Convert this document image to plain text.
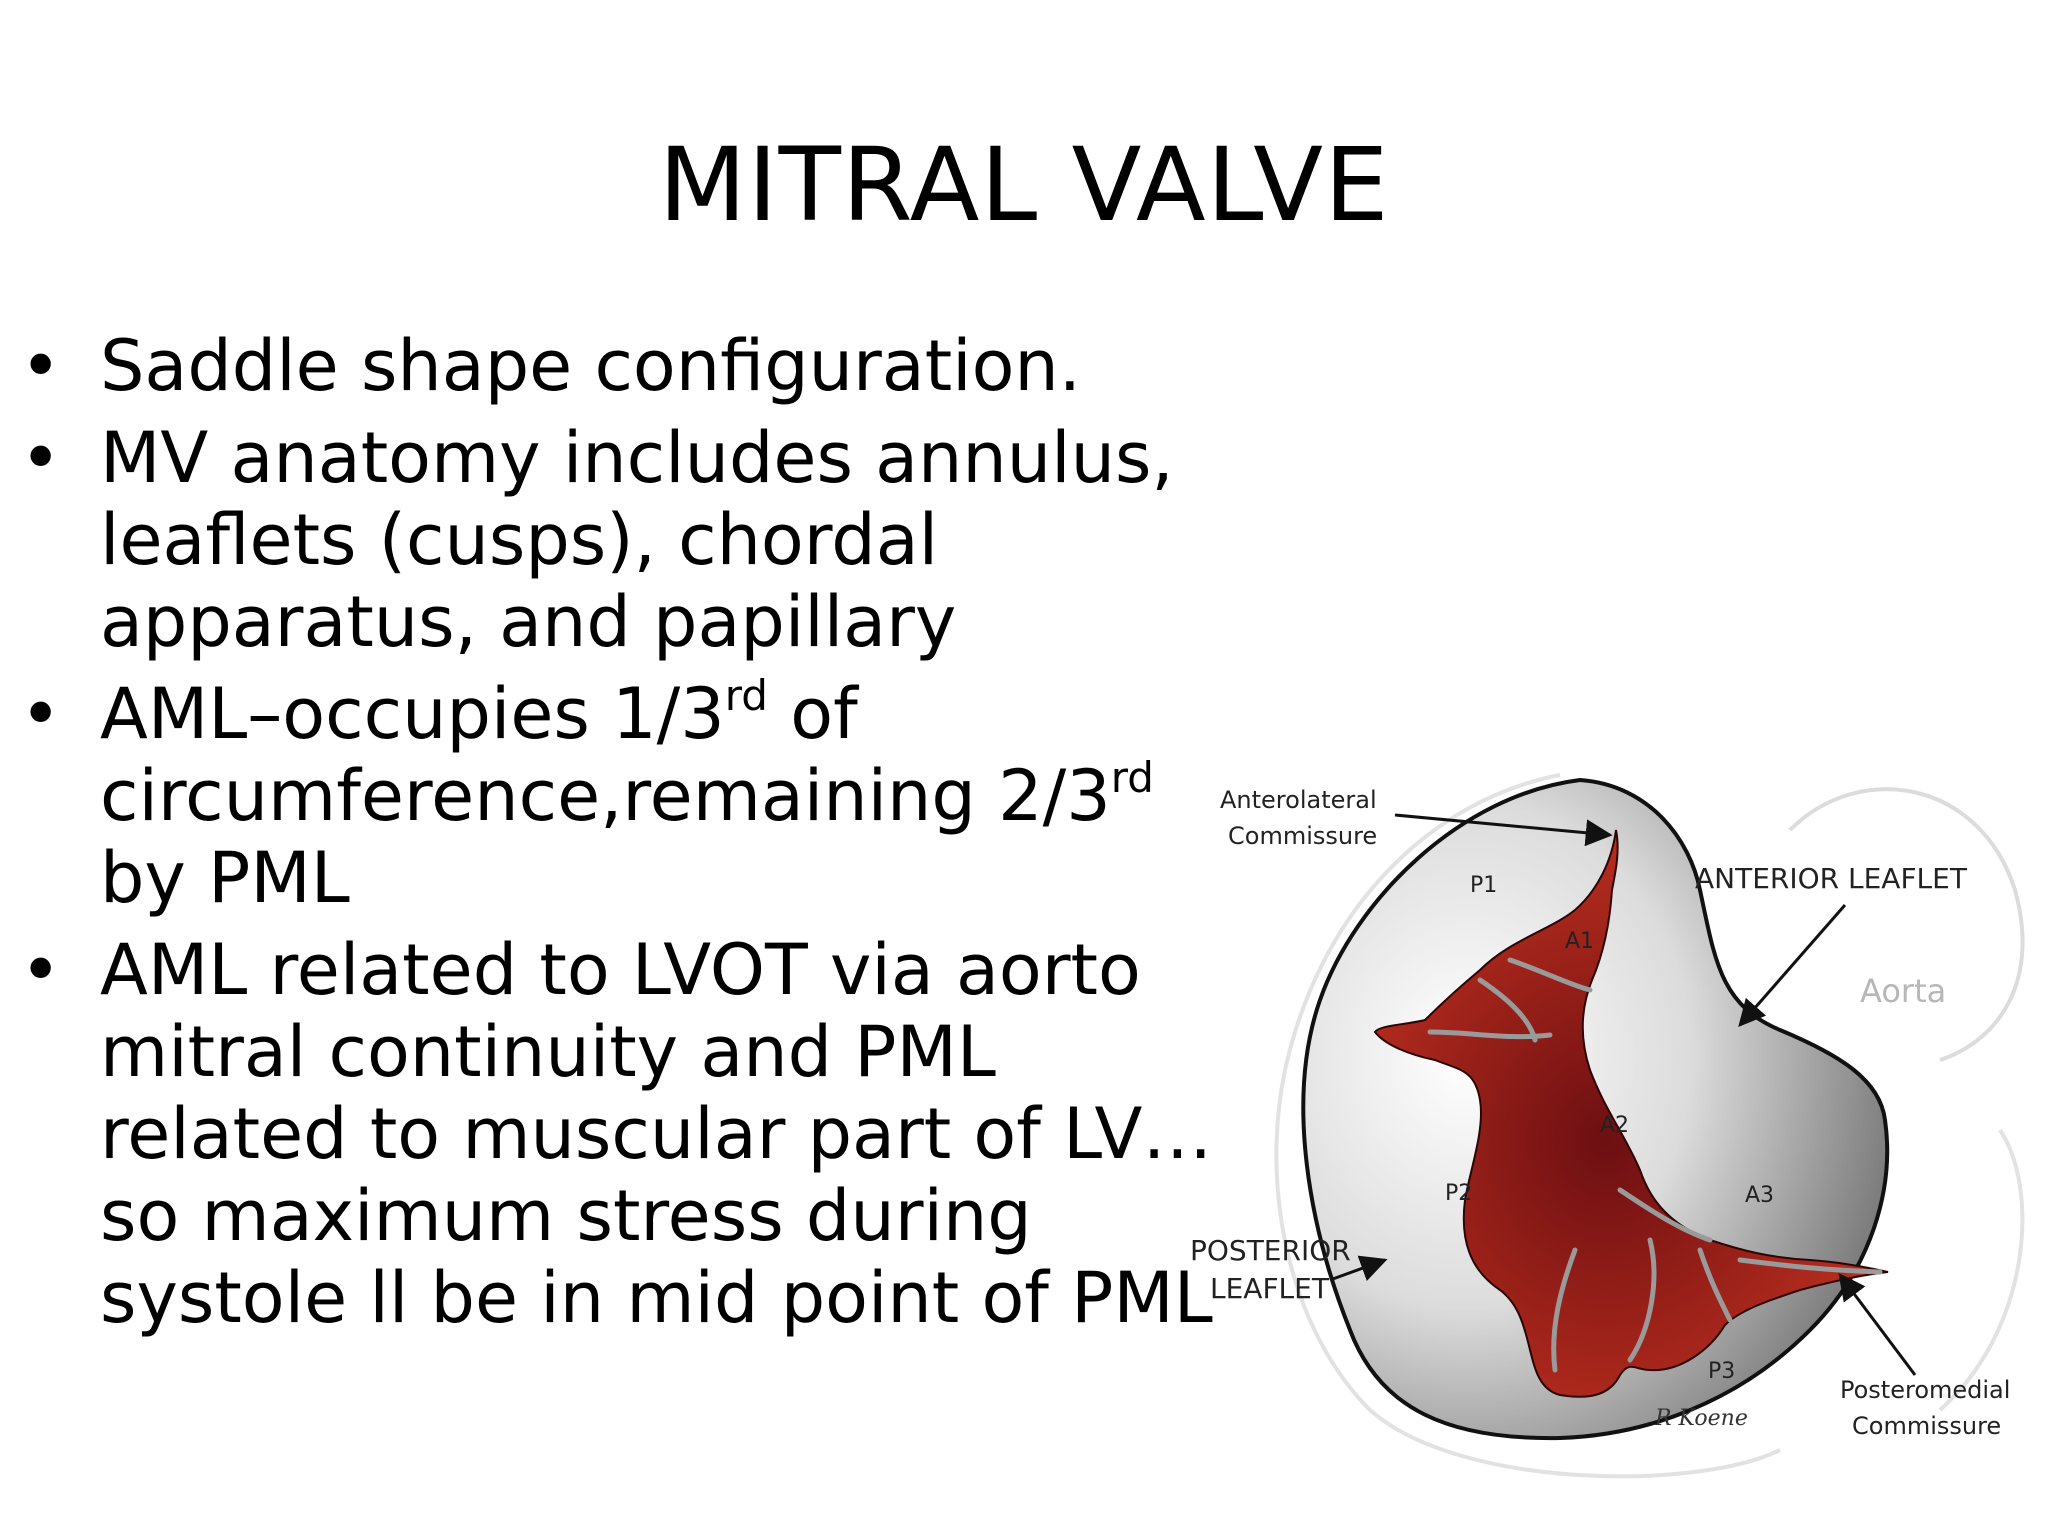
MITRAL VALVE
• Saddle shape configuration.
• MV anatomy includes annulus, leaflets (cusps), chordal apparatus, and papillary
• AML–occupies 1/3rd of circumference,remaining 2/3rd by PML
• AML related to LVOT via aorto mitral continuity and PML related to muscular part of LV…so maximum stress during systole ll be in mid point of PML
Anterolateral
Commissure
ANTERIOR LEAFLET
Aorta
POSTERIOR
LEAFLET
Posteromedial
Commissure
P1
A1
A2
P2	A3
P3
R Koene
